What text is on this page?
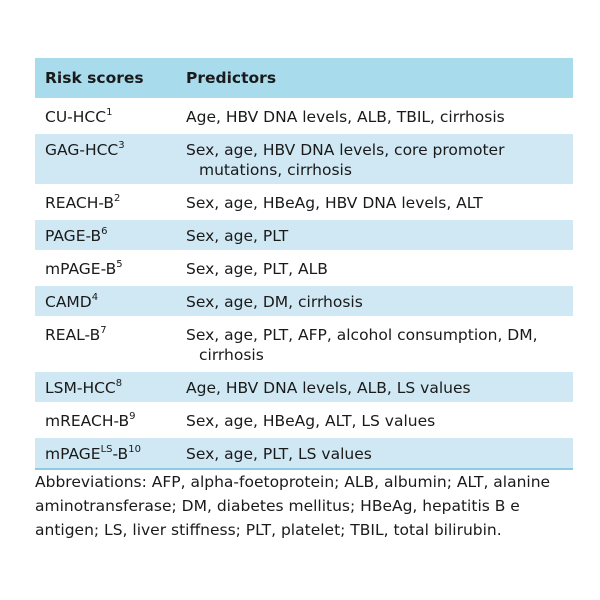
Risk scores	Predictors
CU-HCC$^1$	Age, HBV DNA levels, ALB, TBIL, cirrhosis
GAG-HCC$^3$	Sex, age, HBV DNA levels, core promoter
mutations, cirrhosis

REACH-$B^2$	Sex, age, HBeAg, HBV DNA levels, ALT
PAGE-$B^6$	Sex, age, PLT
mPAGE-$B^5$	Sex, age, PLT, ALB
CAMD$^4$	Sex, age, DM, cirrhosis
REAL-$B^7$	Sex, age, PLT, AFP, alcohol consumption, DM,
cirrhosis

LSM-HCC$^8$	Age, HBV DNA levels, ALB, LS values
mREACH-$B^9$	Sex, age, HBeAg, ALT, LS values
$mPAGE^{LS}-B^{10}$	Sex, age, PLT, LS values
Abbreviations: AFP, alpha-foetoprotein; ALB, albumin; ALT, alanine aminotransferase; DM, diabetes mellitus; HBeAg, hepatitis B e antigen; LS, liver stiffness; PLT, platelet; TBIL, total bilirubin.
